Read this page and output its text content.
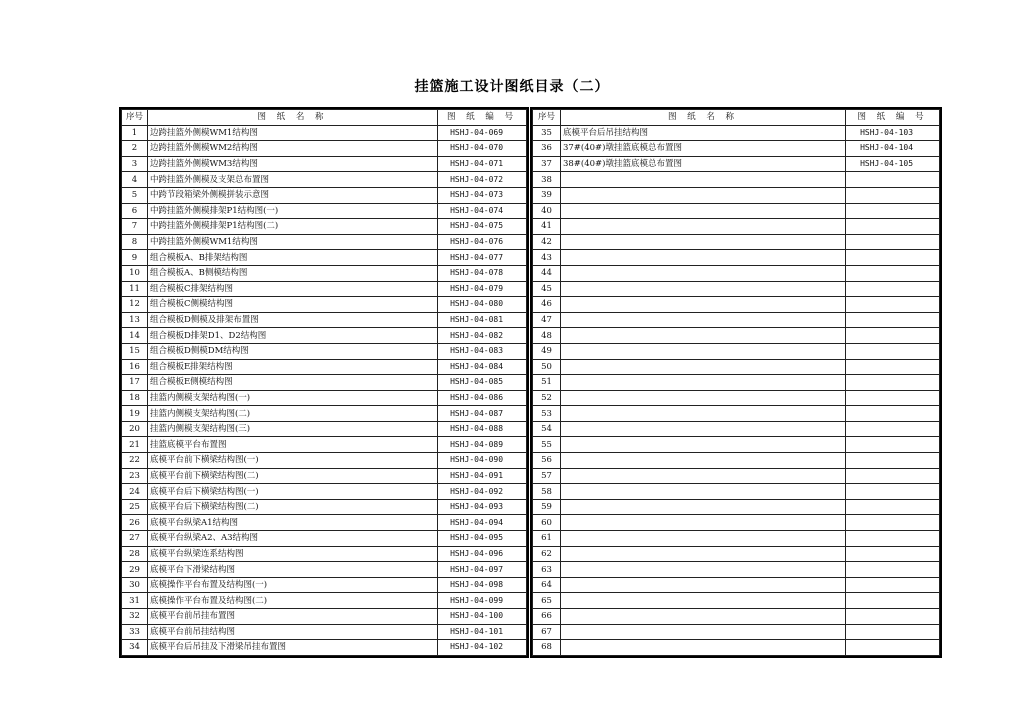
挂篮施工设计图纸目录（二）
序号	图 纸 名 称	图 纸 编 号
1	边跨挂篮外侧模WM1结构图	HSHJ-04-069
2	边跨挂篮外侧模WM2结构图	HSHJ-04-070
3	边跨挂篮外侧模WM3结构图	HSHJ-04-071
4	中跨挂篮外侧模及支架总布置图	HSHJ-04-072
5	中跨节段箱梁外侧模拼装示意图	HSHJ-04-073
6	中跨挂篮外侧模排架P1结构图(一)	HSHJ-04-074
7	中跨挂篮外侧模排架P1结构图(二)	HSHJ-04-075
8	中跨挂篮外侧模WM1结构图	HSHJ-04-076
9	组合模板A、B排架结构图	HSHJ-04-077
10	组合模板A、B侧模结构图	HSHJ-04-078
11	组合模板C排架结构图	HSHJ-04-079
12	组合模板C侧模结构图	HSHJ-04-080
13	组合模板D侧模及排架布置图	HSHJ-04-081
14	组合模板D排架D1、D2结构图	HSHJ-04-082
15	组合模板D侧模DM结构图	HSHJ-04-083
16	组合模板E排架结构图	HSHJ-04-084
17	组合模板E侧模结构图	HSHJ-04-085
18	挂篮内侧模支架结构图(一)	HSHJ-04-086
19	挂篮内侧模支架结构图(二)	HSHJ-04-087
20	挂篮内侧模支架结构图(三)	HSHJ-04-088
21	挂篮底模平台布置图	HSHJ-04-089
22	底模平台前下横梁结构图(一)	HSHJ-04-090
23	底模平台前下横梁结构图(二)	HSHJ-04-091
24	底模平台后下横梁结构图(一)	HSHJ-04-092
25	底模平台后下横梁结构图(二)	HSHJ-04-093
26	底模平台纵梁A1结构图	HSHJ-04-094
27	底模平台纵梁A2、A3结构图	HSHJ-04-095
28	底模平台纵梁连系结构图	HSHJ-04-096
29	底模平台下滑梁结构图	HSHJ-04-097
30	底模操作平台布置及结构图(一)	HSHJ-04-098
31	底模操作平台布置及结构图(二)	HSHJ-04-099
32	底模平台前吊挂布置图	HSHJ-04-100
33	底模平台前吊挂结构图	HSHJ-04-101
34	底模平台后吊挂及下滑梁吊挂布置图	HSHJ-04-102
序号	图 纸 名 称	图 纸 编 号
35	底模平台后吊挂结构图	HSHJ-04-103
36	37#(40#)墩挂篮底模总布置图	HSHJ-04-104
37	38#(40#)墩挂篮底模总布置图	HSHJ-04-105
38		
39		
40		
41		
42		
43		
44		
45		
46		
47		
48		
49		
50		
51		
52		
53		
54		
55		
56		
57		
58		
59		
60		
61		
62		
63		
64		
65		
66		
67		
68		
